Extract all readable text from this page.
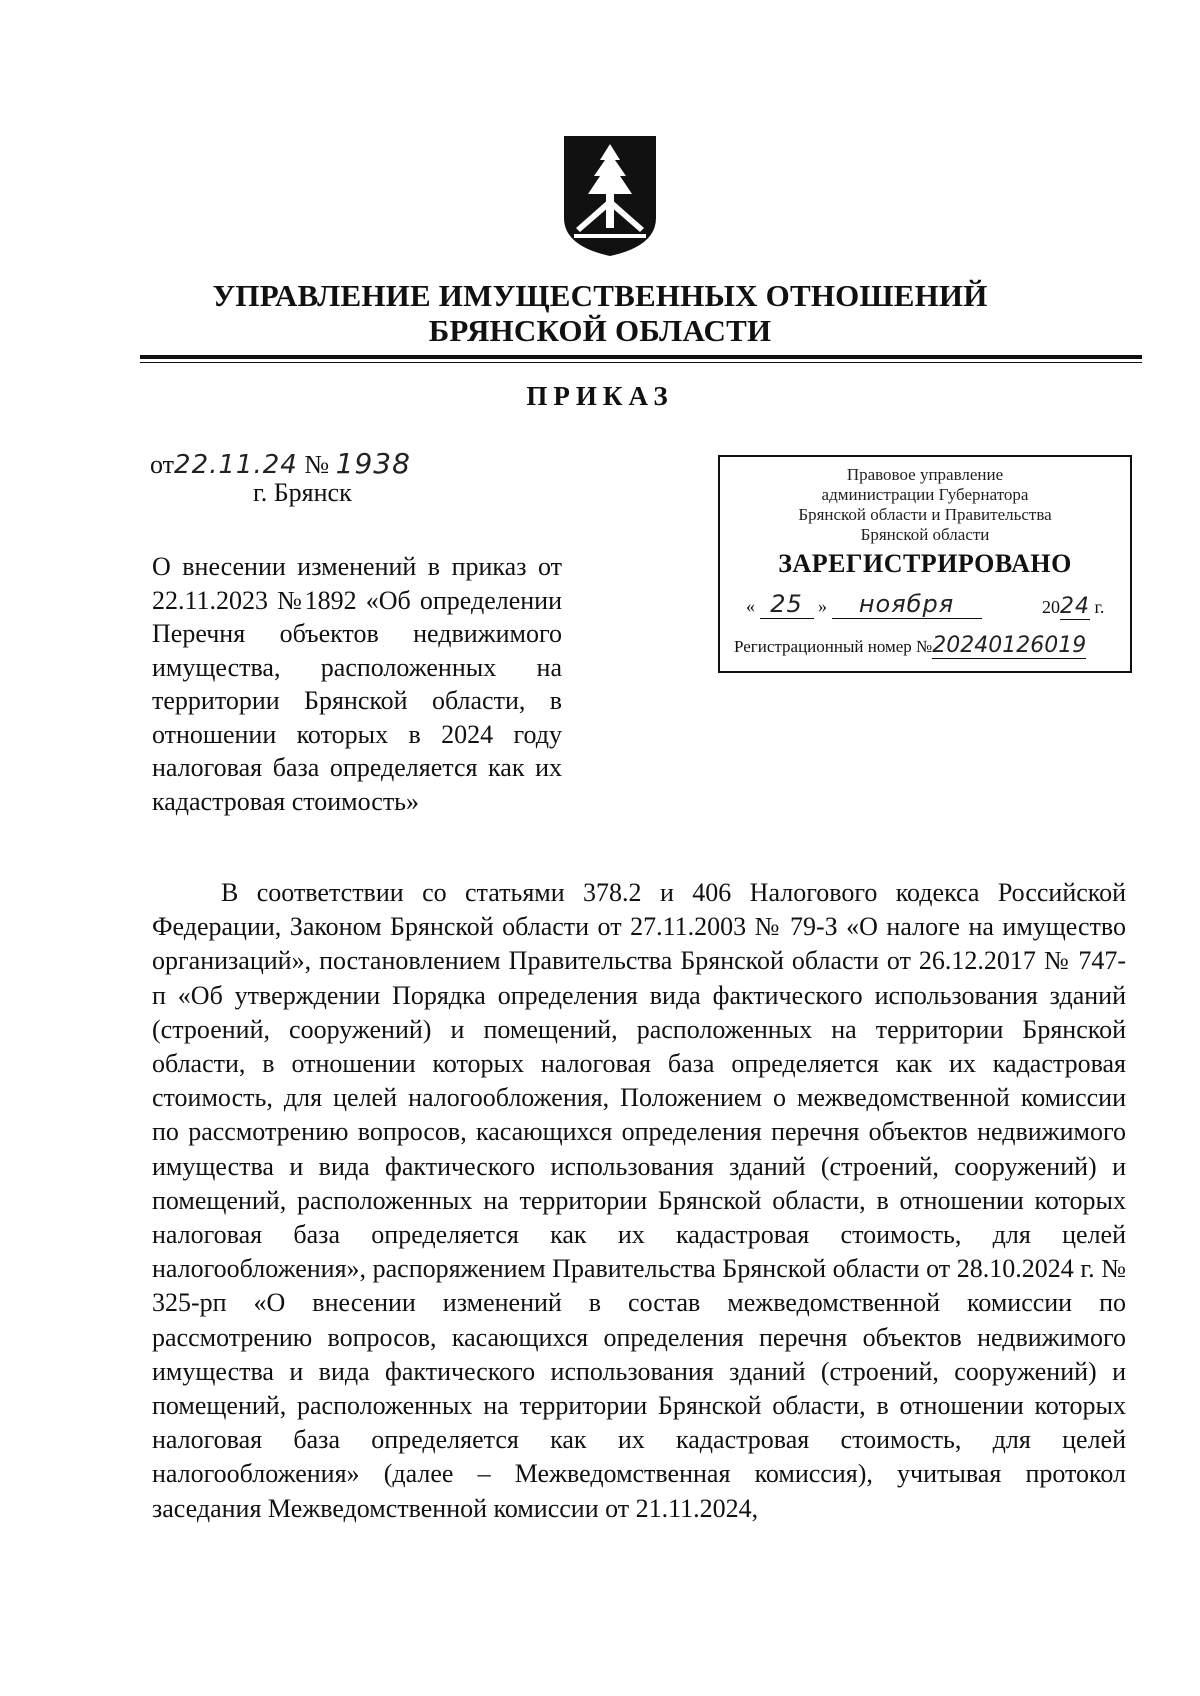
УПРАВЛЕНИЕ ИМУЩЕСТВЕННЫХ ОТНОШЕНИЙ
БРЯНСКОЙ ОБЛАСТИ
ПРИКАЗ
от22.11.24 № 1938
г. Брянск
О внесении изменений в приказ от 22.11.2023 №1892 «Об определении Перечня объектов недвижимого имущества, расположенных на территории Брянской области, в отношении которых в 2024 году налоговая база определяется как их кадастровая стоимость»
Правовое управление
администрации Губернатора
Брянской области и Правительства
Брянской области
ЗАРЕГИСТРИРОВАНО
« 25 » ноября	2024 г.
Регистрационный номер №20240126019

В соответствии со статьями 378.2 и 406 Налогового кодекса Российской Федерации, Законом Брянской области от 27.11.2003 № 79-З «О налоге на имущество организаций», постановлением Правительства Брянской области от 26.12.2017 № 747-п «Об утверждении Порядка определения вида фактического использования зданий (строений, сооружений) и помещений, расположенных на территории Брянской области, в отношении которых налоговая база определяется как их кадастровая стоимость, для целей налогообложения, Положением о межведомственной комиссии по рассмотрению вопросов, касающихся определения перечня объектов недвижимого имущества и вида фактического использования зданий (строений, сооружений) и помещений, расположенных на территории Брянской области, в отношении которых налоговая база определяется как их кадастровая стоимость, для целей налогообложения», распоряжением Правительства Брянской области от 28.10.2024 г. № 325-рп «О внесении изменений в состав межведомственной комиссии по рассмотрению вопросов, касающихся определения перечня объектов недвижимого имущества и вида фактического использования зданий (строений, сооружений) и помещений, расположенных на территории Брянской области, в отношении которых налоговая база определяется как их кадастровая стоимость, для целей налогообложения» (далее – Межведомственная комиссия), учитывая протокол заседания Межведомственной комиссии от 21.11.2024,
